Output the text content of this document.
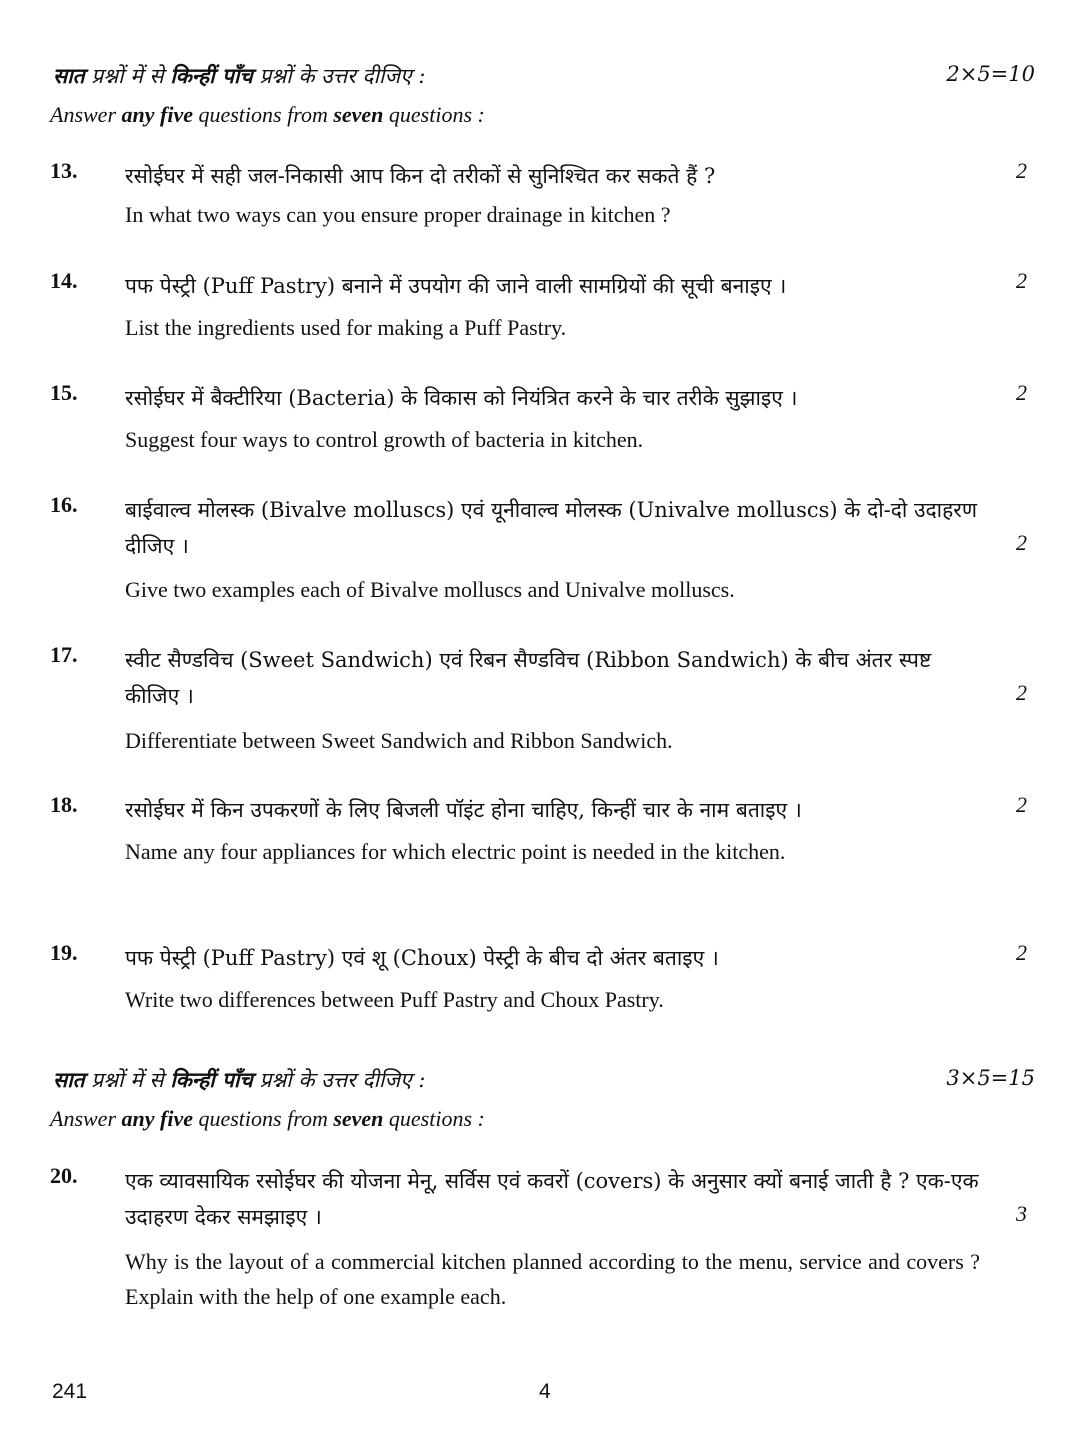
सात प्रश्नों में से किन्हीं पाँच प्रश्नों के उत्तर दीजिए :	2×5=10
Answer any five questions from seven questions :
13. रसोईघर में सही जल-निकासी आप किन दो तरीकों से सुनिश्चित कर सकते हैं ?	2
In what two ways can you ensure proper drainage in kitchen ?
14. पफ पेस्ट्री (Puff Pastry) बनाने में उपयोग की जाने वाली सामग्रियों की सूची बनाइए ।	2
List the ingredients used for making a Puff Pastry.
15. रसोईघर में बैक्टीरिया (Bacteria) के विकास को नियंत्रित करने के चार तरीके सुझाइए ।	2
Suggest four ways to control growth of bacteria in kitchen.
16. बाईवाल्व मोलस्क (Bivalve molluscs) एवं यूनीवाल्व मोलस्क (Univalve molluscs) के दो-दो उदाहरण दीजिए ।	2
Give two examples each of Bivalve molluscs and Univalve molluscs.
17. स्वीट सैण्डविच (Sweet Sandwich) एवं रिबन सैण्डविच (Ribbon Sandwich) के बीच अंतर स्पष्ट कीजिए ।	2
Differentiate between Sweet Sandwich and Ribbon Sandwich.
18. रसोईघर में किन उपकरणों के लिए बिजली पॉइंट होना चाहिए, किन्हीं चार के नाम बताइए ।	2
Name any four appliances for which electric point is needed in the kitchen.
19. पफ पेस्ट्री (Puff Pastry) एवं शू (Choux) पेस्ट्री के बीच दो अंतर बताइए ।	2
Write two differences between Puff Pastry and Choux Pastry.
सात प्रश्नों में से किन्हीं पाँच प्रश्नों के उत्तर दीजिए :	3×5=15
Answer any five questions from seven questions :
20. एक व्यावसायिक रसोईघर की योजना मेनू, सर्विस एवं कवरों (covers) के अनुसार क्यों बनाई जाती है ? एक-एक उदाहरण देकर समझाइए ।	3
Why is the layout of a commercial kitchen planned according to the menu, service and covers ? Explain with the help of one example each.
241	4
